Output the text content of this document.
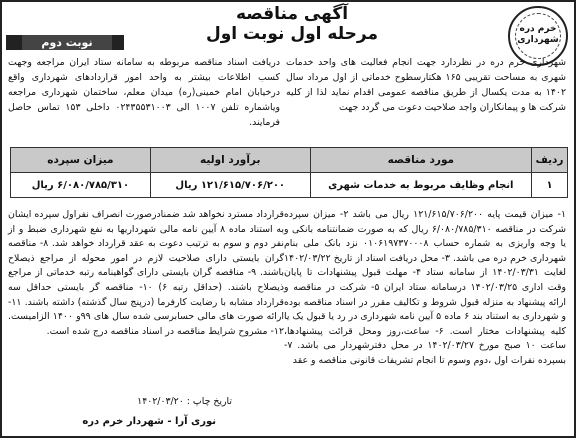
خرم دره شهرداری
آگهی مناقصه
مرحله اول نوبت اول
نوبت دوم
شهرداری خرم دره در نظردارد جهت انجام فعالیت های واحد خدمات شهری به مساحت تقریبی ۱۶۵ هکتارسطوح خدماتی از اول مرداد سال ۱۴۰۲ به مدت یکسال از طریق مناقصه عمومی اقدام نماید لذا از کلیه شرکت ها و پیمانکاران واجد صلاحیت دعوت می گردد جهت
دریافت اسناد مناقصه مربوطه به سامانه ستاد ایران مراجعه وجهت کسب اطلاعات بیشتر به واحد امور قراردادهای شهرداری واقع درخیابان امام خمینی(ره) میدان معلم، ساختمان شهرداری مراجعه ویاشماره تلفن ۱۰۰۷ الی ۰۲۴۳۵۵۳۱۰۰۳ داخلی ۱۵۳ تماس حاصل فرمایند.
ردیف	مورد مناقصه	برآورد اولیه	میزان سپرده
۱	انجام وظایف مربوط به خدمات شهری	۱۲۱/۶۱۵/۷۰۶/۲۰۰ ریال	۶/۰۸۰/۷۸۵/۳۱۰ ریال
۱- میزان قیمت پایه ۱۲۱/۶۱۵/۷۰۶/۲۰۰ ریال می باشد ۲- میزان سپرده شرکت در مناقصه ۶/۰۸۰/۷۸۵/۳۱۰ ریال که به صورت ضمانتنامه بانکی و یا وجه واریزی به شماره حساب ۰۱۰۶۱۹۷۳۷۰۰۰۸ نزد بانک ملی بنام شهرداری خرم دره می باشد. ۳- محل دریافت اسناد از تاریخ ۱۴۰۲/۰۳/۲۲ لغایت ۱۴۰۲/۰۳/۳۱ از سامانه ستاد ۴- مهلت قبول پیشنهادات تا پایان وقت اداری ۱۴۰۲/۰۳/۲۵ درسامانه ستاد ایران ۵- شرکت در مناقصه و ارائه پیشنهاد به منزله قبول شروط و تکالیف مقرر در اسناد مناقصه بوده و شهرداری به استناد بند ۶ ماده ۵ آیین نامه شهرداری در رد یا قبول یک یا کلیه پیشنهادات مختار است. ۶- ساعت،روز ومحل قرائت پیشنهادها، ساعت ۱۰ صبح مورخ ۱۴۰۲/۰۳/۲۷ در محل دفترشهردار می باشد. ۷- بسپرده نفرات اول ،دوم وسوم تا انجام تشریفات قانونی مناقصه و عقد
قرارداد مسترد نخواهد شد ضمنادرصورت انصراف نفراول سپرده ایشان به استناد ماده ۸ آیین نامه مالی شهرداریها به نفع شهرداری ضبط و از نفر دوم و سوم به ترتیب دعوت به عقد قرارداد خواهد شد. ۸- مناقصه گران بایستی دارای صلاحیت لازم در امور محوله از مراجع ذیصلاح باشند. ۹- مناقصه گران بایستی دارای گواهینامه رتبه خدماتی از مراجع ذیصلاح باشند. (حداقل رتبه ۶) ۱۰- مناقصه گر بایستی حداقل سه قرارداد مشابه با رضایت کارفرما (درپنج سال گذشته) داشته باشند. ۱۱- ارائه صورت های مالی حسابرسی شده سال های ۹۹و ۱۴۰۰ الزامیست. ۱۲- مشروح شرایط مناقصه در اسناد مناقصه درج شده است.
تاریخ چاپ : ۱۴۰۲/۰۳/۲۰
نوری آرا - شهردار خرم دره
